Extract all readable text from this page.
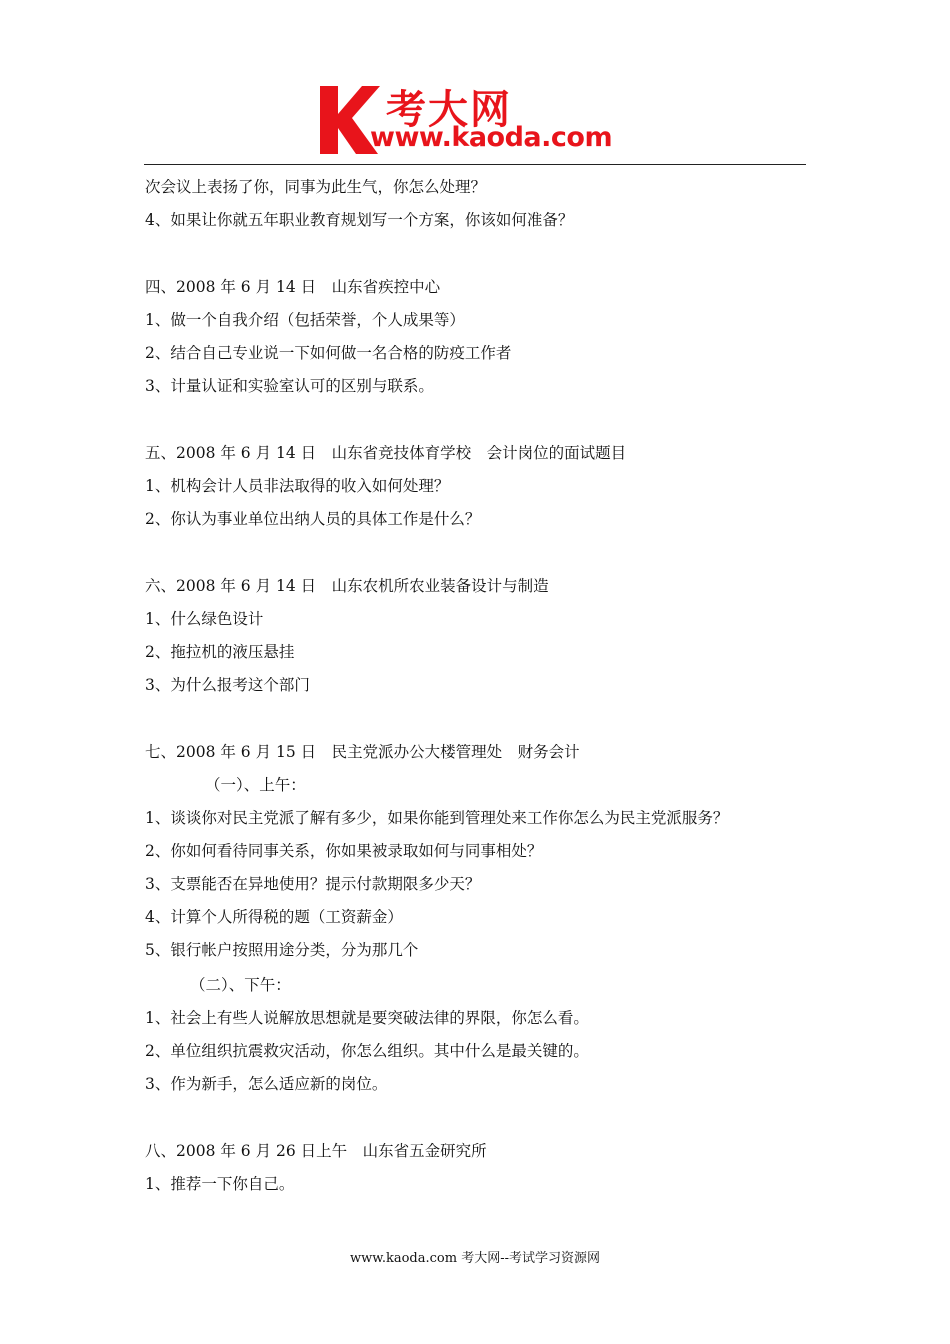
考大网
www.kaoda.com
次会议上表扬了你，同事为此生气，你怎么处理？
4、如果让你就五年职业教育规划写一个方案，你该如何准备？
四、2008 年 6 月 14 日　山东省疾控中心
1、做一个自我介绍（包括荣誉，个人成果等）
2、结合自己专业说一下如何做一名合格的防疫工作者
3、计量认证和实验室认可的区别与联系。
五、2008 年 6 月 14 日　山东省竞技体育学校　会计岗位的面试题目
1、机构会计人员非法取得的收入如何处理？
2、你认为事业单位出纳人员的具体工作是什么？
六、2008 年 6 月 14 日　山东农机所农业装备设计与制造
1、什么绿色设计
2、拖拉机的液压悬挂
3、为什么报考这个部门
七、2008 年 6 月 15 日　民主党派办公大楼管理处　财务会计
（一）、上午：
1、谈谈你对民主党派了解有多少，如果你能到管理处来工作你怎么为民主党派服务？
2、你如何看待同事关系，你如果被录取如何与同事相处？
3、支票能否在异地使用？提示付款期限多少天？
4、计算个人所得税的题（工资薪金）
5、银行帐户按照用途分类，分为那几个
（二）、下午：
1、社会上有些人说解放思想就是要突破法律的界限，你怎么看。
2、单位组织抗震救灾活动，你怎么组织。其中什么是最关键的。
3、作为新手，怎么适应新的岗位。
八、2008 年 6 月 26 日上午　山东省五金研究所
1、推荐一下你自己。
www.kaoda.com 考大网--考试学习资源网
